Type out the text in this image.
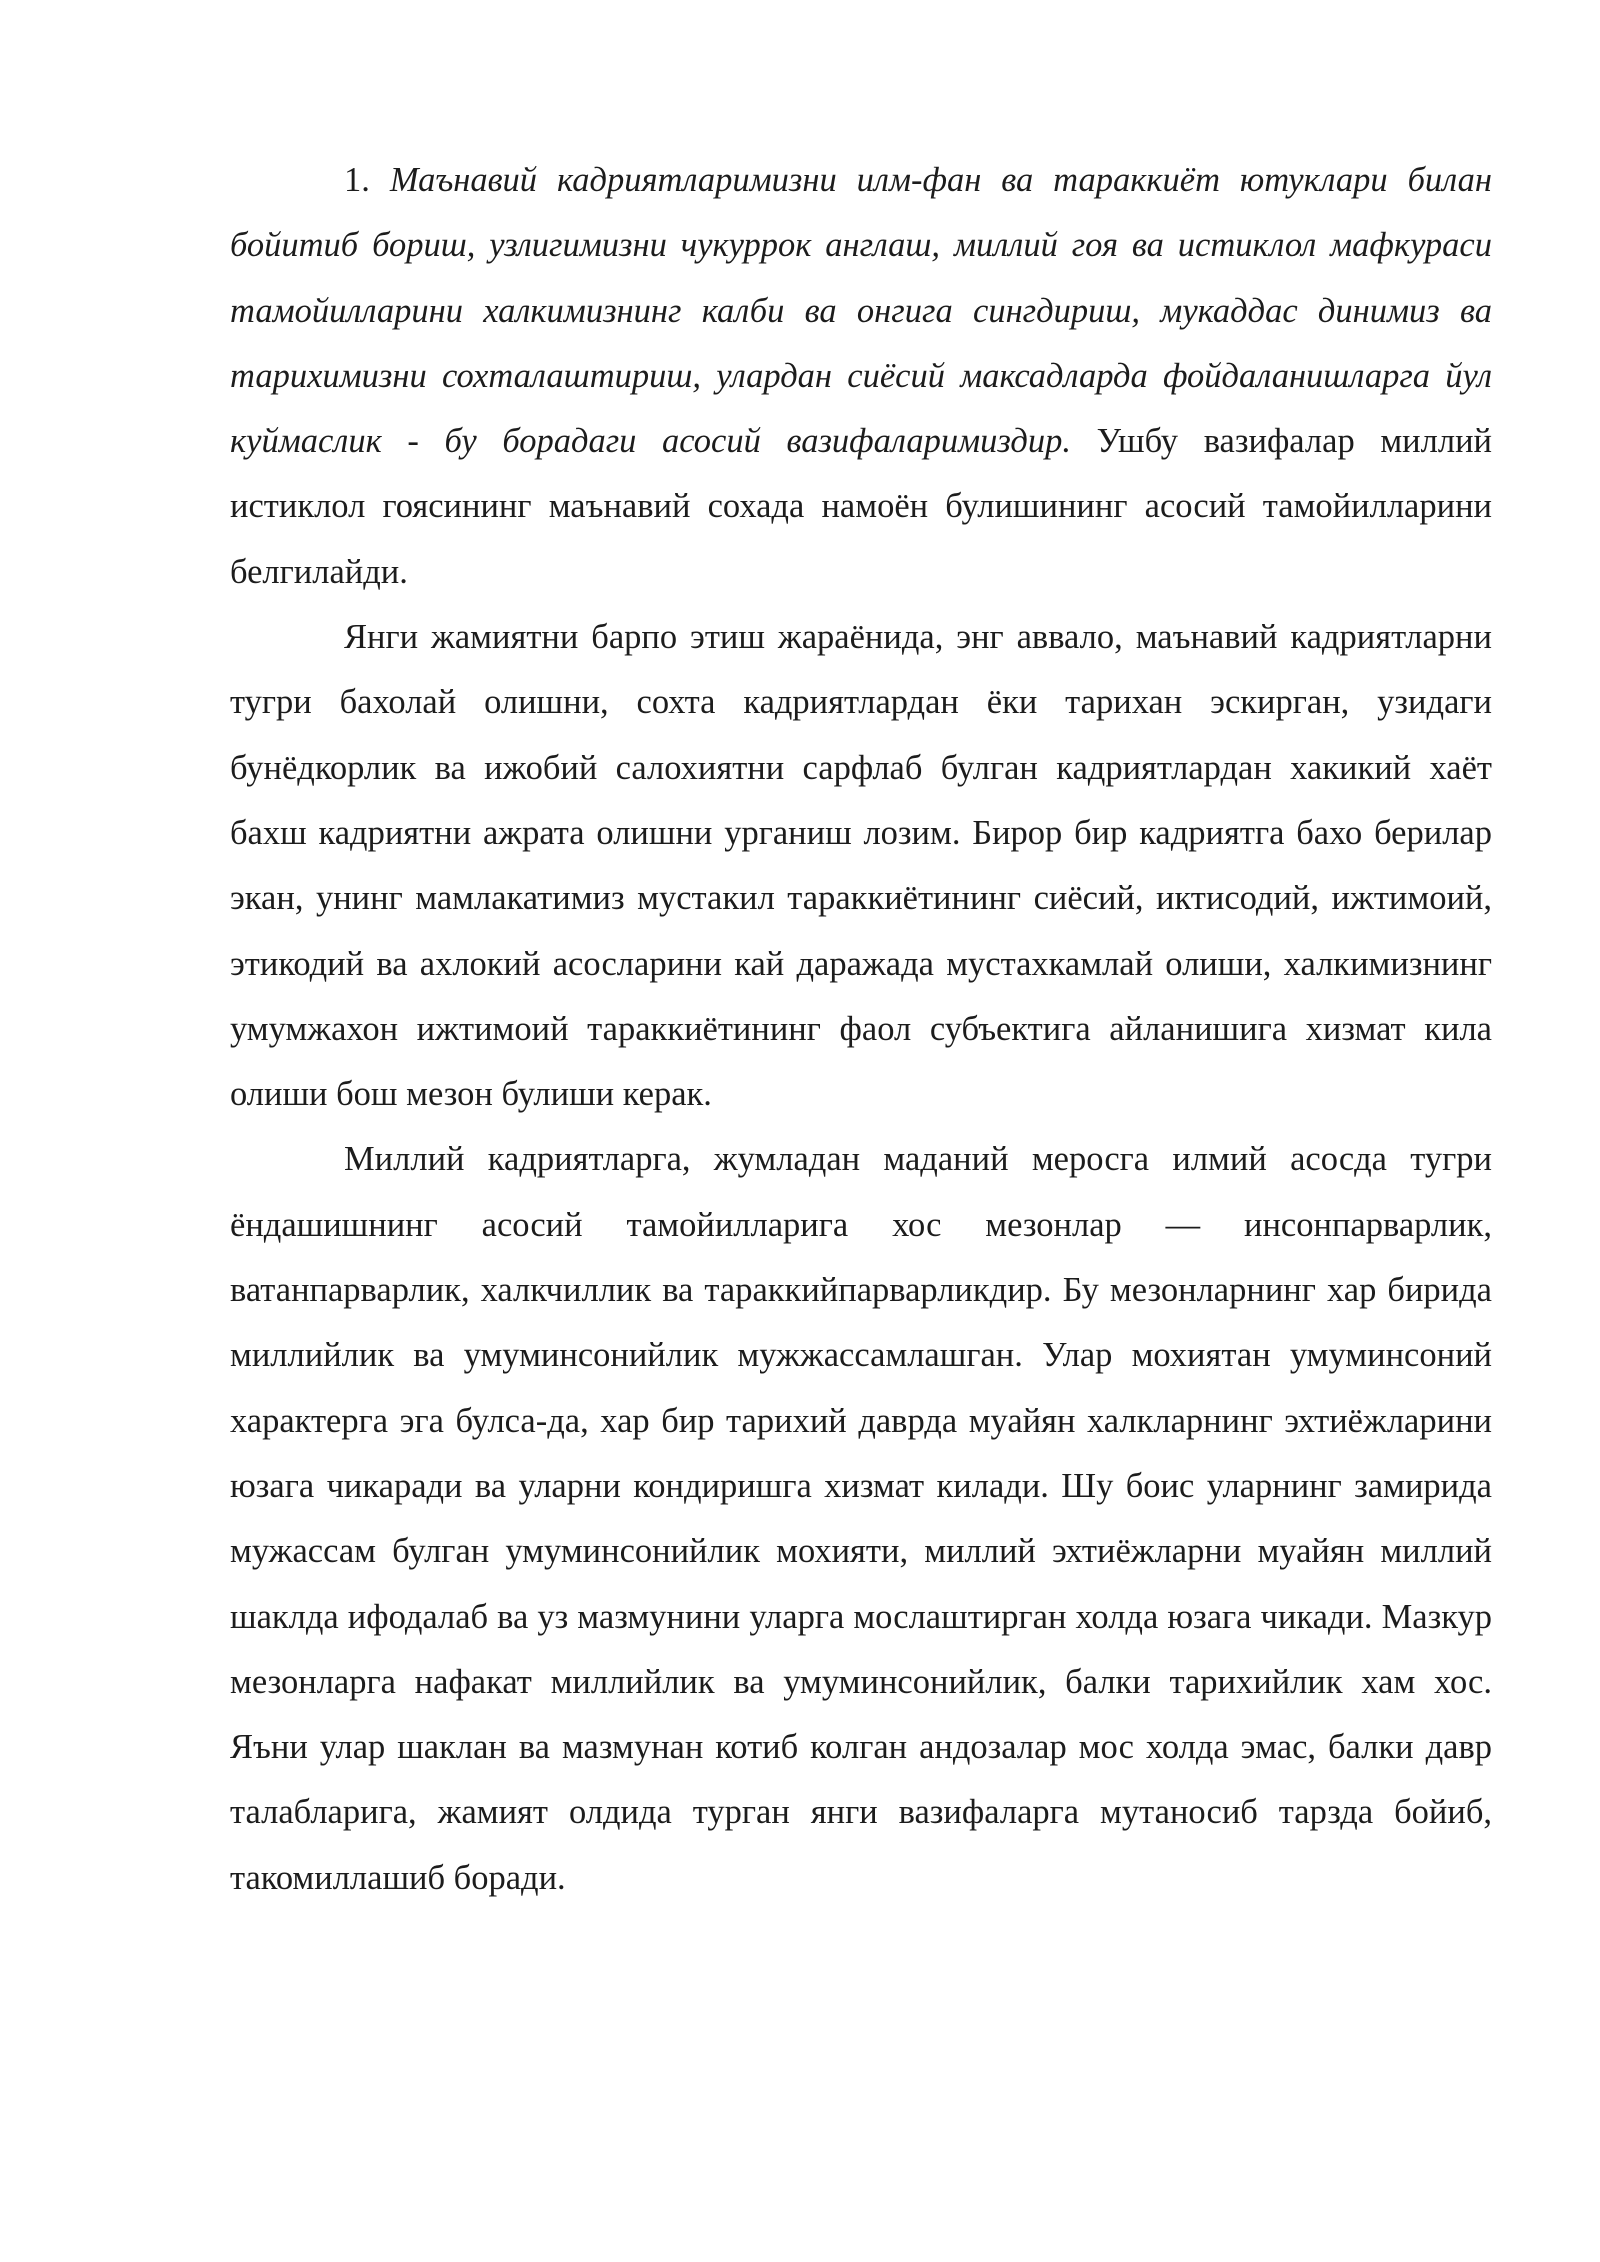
1. Маънавий кадриятларимизни илм-фан ва тараккиёт ютуклари билан бойитиб бориш, узлигимизни чукуррок англаш, миллий гоя ва истиклол мафкураси тамойилларини халкимизнинг калби ва онгига сингдириш, мукаддас динимиз ва тарихимизни сохталаштириш, улардан сиёсий максадларда фойдаланишларга йул куймаслик - бу борадаги асосий вазифаларимиздир. Ушбу вазифалар миллий истиклол гоясининг маънавий сохада намоён булишининг асосий тамойилларини белгилайди.

Янги жамиятни барпо этиш жараёнида, энг аввало, маънавий кадриятларни тугри бахолай олишни, сохта кадриятлардан ёки тарихан эскирган, узидаги бунёдкорлик ва ижобий салохиятни сарфлаб булган кадриятлардан хакикий хаёт бахш кадриятни ажрата олишни урганиш лозим. Бирор бир кадриятга бахо берилар экан, унинг мамлакатимиз мустакил тараккиётининг сиёсий, иктисодий, ижтимоий, этикодий ва ахлокий асосларини кай даражада мустахкамлай олиши, халкимизнинг умумжахон ижтимоий тараккиётининг фаол субъектига айланишига хизмат кила олиши бош мезон булиши керак.

Миллий кадриятларга, жумладан маданий меросга илмий асосда тугри ёндашишнинг асосий тамойилларига хос мезонлар — инсонпарварлик, ватанпарварлик, халкчиллик ва тараккийпарварликдир. Бу мезонларнинг хар бирида миллийлик ва умуминсонийлик мужжассамлашган. Улар мохиятан умуминсоний характерга эга булса-да, хар бир тарихий даврда муайян халкларнинг эхтиёжларини юзага чикаради ва уларни кондиришга хизмат килади. Шу боис уларнинг замирида мужассам булган умуминсонийлик мохияти, миллий эхтиёжларни муайян миллий шаклда ифодалаб ва уз мазмунини уларга мослаштирган холда юзага чикади. Мазкур мезонларга нафакат миллийлик ва умуминсонийлик, балки тарихийлик хам хос. Яъни улар шаклан ва мазмунан котиб колган андозалар мос холда эмас, балки давр талабларига, жамият олдида турган янги вазифаларга мутаносиб тарзда бойиб, такомиллашиб боради.
